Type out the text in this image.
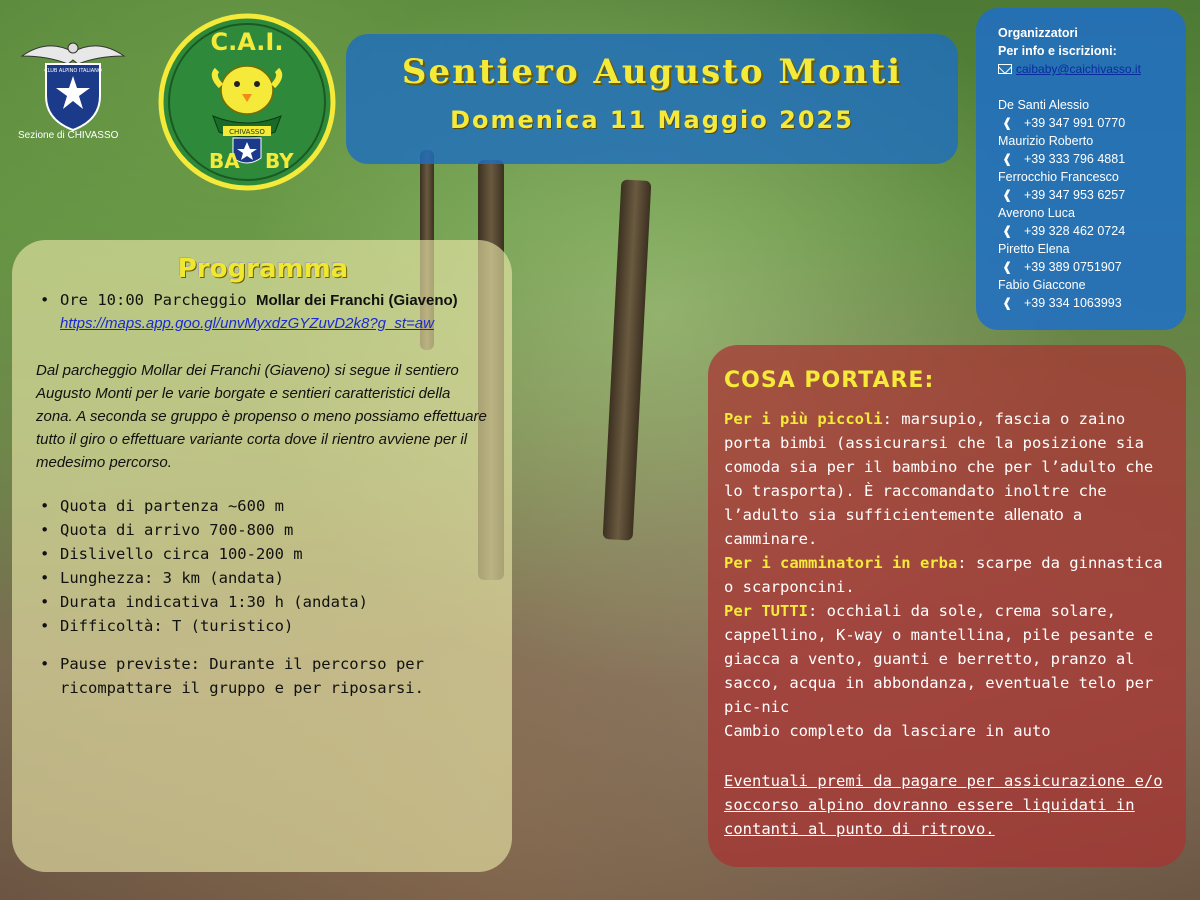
CLUB ALPINO ITALIANO
Sezione di CHIVASSO
C.A.I.
CHIVASSO
BA BY
Sentiero Augusto Monti
Domenica 11 Maggio 2025
Organizzatori
Per info e iscrizioni:
caibaby@caichivasso.it
De Santi Alessio
❰ +39 347 991 0770
Maurizio Roberto
❰ +39 333 796 4881
Ferrocchio Francesco
❰ +39 347 953 6257
Averono Luca
❰ +39 328 462 0724
Piretto Elena
❰ +39 389 0751907
Fabio Giaccone
❰ +39 334 1063993
Programma
• Ore 10:00 Parcheggio Mollar dei Franchi (Giaveno)
https://maps.app.goo.gl/unvMyxdzGYZuvD2k8?g_st=aw

Dal parcheggio Mollar dei Franchi (Giaveno) si segue il sentiero Augusto Monti per le varie borgate e sentieri caratteristici della zona. A seconda se gruppo è propenso o meno possiamo effettuare tutto il giro o effettuare variante corta dove il rientro avviene per il medesimo percorso.

• Quota di partenza ~600 m
• Quota di arrivo 700-800 m
• Dislivello circa 100-200 m
• Lunghezza: 3 km (andata)
• Durata indicativa 1:30 h (andata)
• Difficoltà: T (turistico)
• Pause previste: Durante il percorso per ricompattare il gruppo e per riposarsi.
COSA PORTARE:
Per i più piccoli: marsupio, fascia o zaino porta bimbi (assicurarsi che la posizione sia comoda sia per il bambino che per l’adulto che lo trasporta). È raccomandato inoltre che l’adulto sia sufficientemente allenato a camminare.
Per i camminatori in erba: scarpe da ginnastica o scarponcini.
Per TUTTI: occhiali da sole, crema solare, cappellino, K-way o mantellina, pile pesante e giacca a vento, guanti e berretto, pranzo al sacco, acqua in abbondanza, eventuale telo per pic-nic
Cambio completo da lasciare in auto
Eventuali premi da pagare per assicurazione e/o soccorso alpino dovranno essere liquidati in contanti al punto di ritrovo.
